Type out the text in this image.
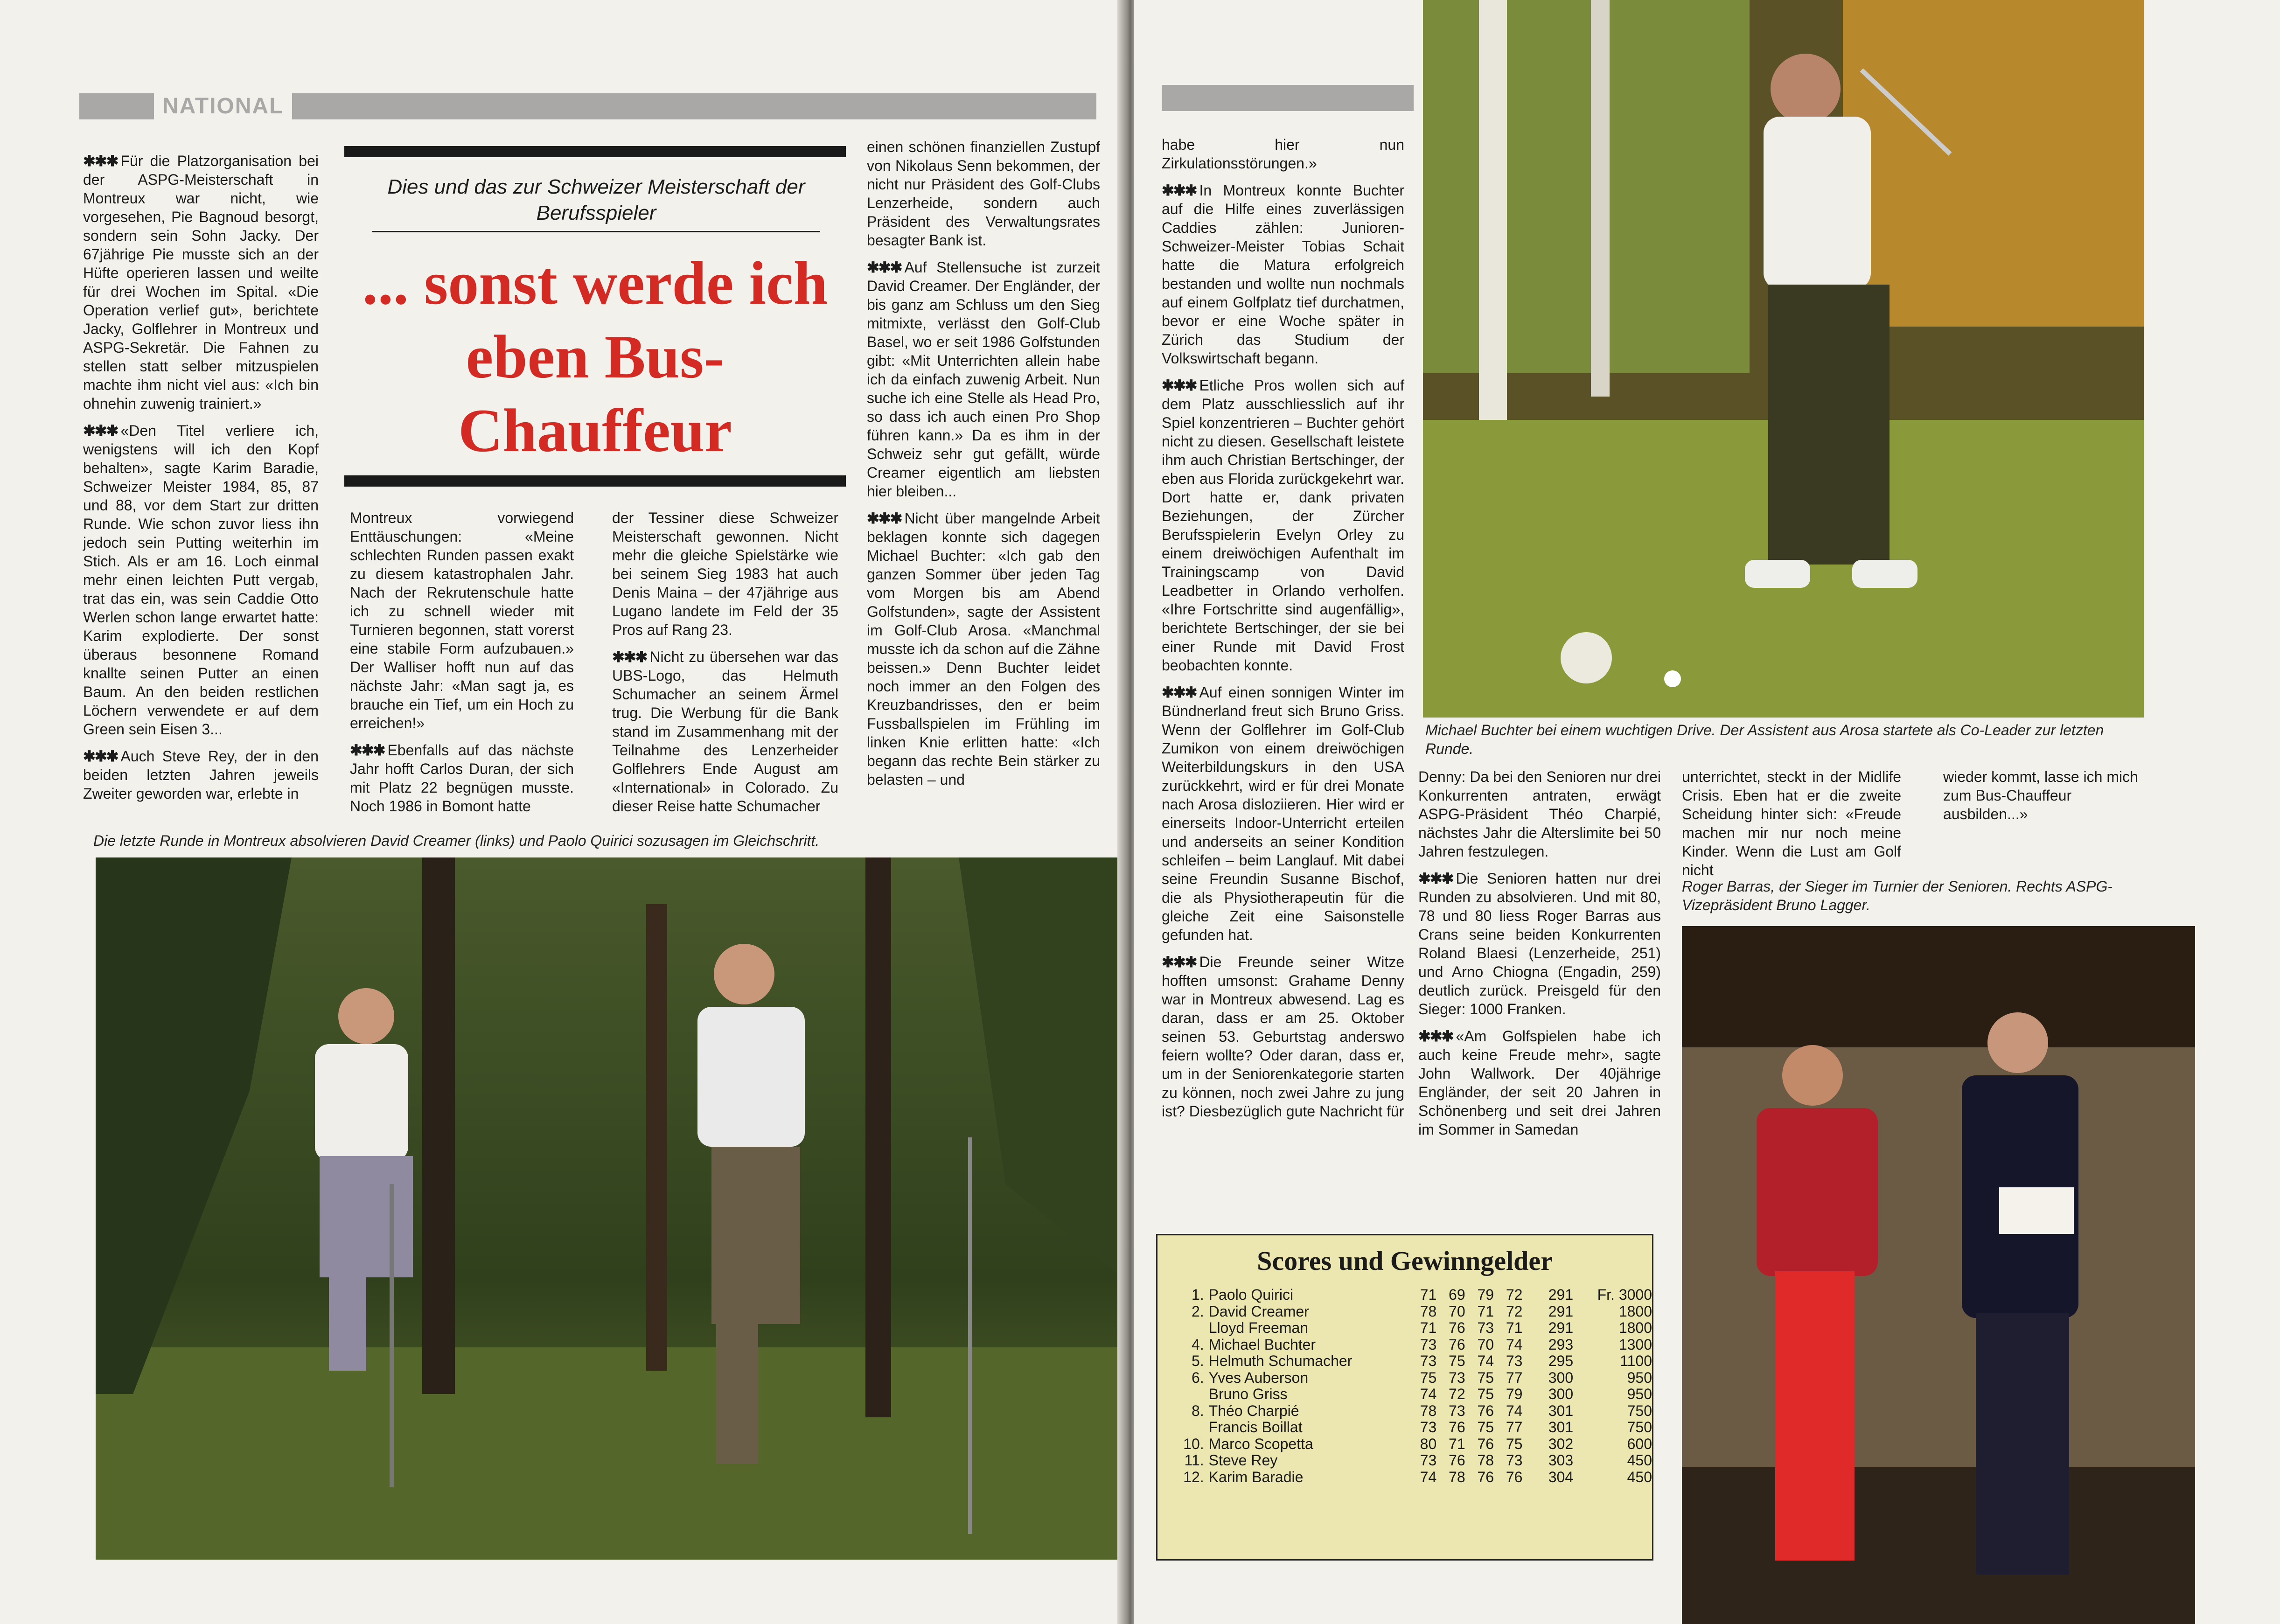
NATIONAL

✱✱✱ Für die Platzorganisation bei der ASPG-Meisterschaft in Montreux war nicht, wie vorgesehen, Pie Bagnoud besorgt, sondern sein Sohn Jacky. Der 67jährige Pie musste sich an der Hüfte operieren lassen und weilte für drei Wochen im Spital. «Die Operation verlief gut», berichtete Jacky, Golflehrer in Montreux und ASPG-Sekretär. Die Fahnen zu stellen statt selber mitzuspielen machte ihm nicht viel aus: «Ich bin ohnehin zuwenig trainiert.»

✱✱✱ «Den Titel verliere ich, wenigstens will ich den Kopf behalten», sagte Karim Baradie, Schweizer Meister 1984, 85, 87 und 88, vor dem Start zur dritten Runde. Wie schon zuvor liess ihn jedoch sein Putting weiterhin im Stich. Als er am 16. Loch einmal mehr einen leichten Putt vergab, trat das ein, was sein Caddie Otto Werlen schon lange erwartet hatte: Karim explodierte. Der sonst überaus besonnene Romand knallte seinen Putter an einen Baum. An den beiden restlichen Löchern verwendete er auf dem Green sein Eisen 3...

✱✱✱ Auch Steve Rey, der in den beiden letzten Jahren jeweils Zweiter geworden war, erlebte in

Dies und das zur Schweizer Meisterschaft der Berufsspieler
... sonst werde ich eben Bus-Chauffeur

Montreux vorwiegend Enttäuschungen: «Meine schlechten Runden passen exakt zu diesem katastrophalen Jahr. Nach der Rekrutenschule hatte ich zu schnell wieder mit Turnieren begonnen, statt vorerst eine stabile Form aufzubauen.» Der Walliser hofft nun auf das nächste Jahr: «Man sagt ja, es brauche ein Tief, um ein Hoch zu erreichen!»

✱✱✱ Ebenfalls auf das nächste Jahr hofft Carlos Duran, der sich mit Platz 22 begnügen musste. Noch 1986 in Bomont hatte

der Tessiner diese Schweizer Meisterschaft gewonnen. Nicht mehr die gleiche Spielstärke wie bei seinem Sieg 1983 hat auch Denis Maina – der 47jährige aus Lugano landete im Feld der 35 Pros auf Rang 23.

✱✱✱ Nicht zu übersehen war das UBS-Logo, das Helmuth Schumacher an seinem Ärmel trug. Die Werbung für die Bank stand im Zusammenhang mit der Teilnahme des Lenzerheider Golflehrers Ende August am «International» in Colorado. Zu dieser Reise hatte Schumacher

einen schönen finanziellen Zustupf von Nikolaus Senn bekommen, der nicht nur Präsident des Golf-Clubs Lenzerheide, sondern auch Präsident des Verwaltungsrates besagter Bank ist.

✱✱✱ Auf Stellensuche ist zurzeit David Creamer. Der Engländer, der bis ganz am Schluss um den Sieg mitmixte, verlässt den Golf-Club Basel, wo er seit 1986 Golfstunden gibt: «Mit Unterrichten allein habe ich da einfach zuwenig Arbeit. Nun suche ich eine Stelle als Head Pro, so dass ich auch einen Pro Shop führen kann.» Da es ihm in der Schweiz sehr gut gefällt, würde Creamer eigentlich am liebsten hier bleiben...

✱✱✱ Nicht über mangelnde Arbeit beklagen konnte sich dagegen Michael Buchter: «Ich gab den ganzen Sommer über jeden Tag vom Morgen bis am Abend Golfstunden», sagte der Assistent im Golf-Club Arosa. «Manchmal musste ich da schon auf die Zähne beissen.» Denn Buchter leidet noch immer an den Folgen des Kreuzbandrisses, den er beim Fussballspielen im Frühling im linken Knie erlitten hatte: «Ich begann das rechte Bein stärker zu belasten – und

Die letzte Runde in Montreux absolvieren David Creamer (links) und Paolo Quirici sozusagen im Gleichschritt.

habe hier nun Zirkulationsstörungen.»

✱✱✱ In Montreux konnte Buchter auf die Hilfe eines zuverlässigen Caddies zählen: Junioren-Schweizer-Meister Tobias Schait hatte die Matura erfolgreich bestanden und wollte nun nochmals auf einem Golfplatz tief durchatmen, bevor er eine Woche später in Zürich das Studium der Volkswirtschaft begann.

✱✱✱ Etliche Pros wollen sich auf dem Platz ausschliesslich auf ihr Spiel konzentrieren – Buchter gehört nicht zu diesen. Gesellschaft leistete ihm auch Christian Bertschinger, der eben aus Florida zurückgekehrt war. Dort hatte er, dank privaten Beziehungen, der Zürcher Berufsspielerin Evelyn Orley zu einem dreiwöchigen Aufenthalt im Trainingscamp von David Leadbetter in Orlando verholfen. «Ihre Fortschritte sind augenfällig», berichtete Bertschinger, der sie bei einer Runde mit David Frost beobachten konnte.

✱✱✱ Auf einen sonnigen Winter im Bündnerland freut sich Bruno Griss. Wenn der Golflehrer im Golf-Club Zumikon von einem dreiwöchigen Weiterbildungskurs in den USA zurückkehrt, wird er für drei Monate nach Arosa disloziieren. Hier wird er einerseits Indoor-Unterricht erteilen und anderseits an seiner Kondition schleifen – beim Langlauf. Mit dabei seine Freundin Susanne Bischof, die als Physiotherapeutin für die gleiche Zeit eine Saisonstelle gefunden hat.

✱✱✱ Die Freunde seiner Witze hofften umsonst: Grahame Denny war in Montreux abwesend. Lag es daran, dass er am 25. Oktober seinen 53. Geburtstag anderswo feiern wollte? Oder daran, dass er, um in der Seniorenkategorie starten zu können, noch zwei Jahre zu jung ist? Diesbezüglich gute Nachricht für

Michael Buchter bei einem wuchtigen Drive. Der Assistent aus Arosa startete als Co-Leader zur letzten Runde.

Denny: Da bei den Senioren nur drei Konkurrenten antraten, erwägt ASPG-Präsident Théo Charpié, nächstes Jahr die Alterslimite bei 50 Jahren festzulegen.

✱✱✱ Die Senioren hatten nur drei Runden zu absolvieren. Und mit 80, 78 und 80 liess Roger Barras aus Crans seine beiden Konkurrenten Roland Blaesi (Lenzerheide, 251) und Arno Chiogna (Engadin, 259) deutlich zurück. Preisgeld für den Sieger: 1000 Franken.

✱✱✱ «Am Golfspielen habe ich auch keine Freude mehr», sagte John Wallwork. Der 40jährige Engländer, der seit 20 Jahren in Schönenberg und seit drei Jahren im Sommer in Samedan

unterrichtet, steckt in der Midlife Crisis. Eben hat er die zweite Scheidung hinter sich: «Freude machen mir nur noch meine Kinder. Wenn die Lust am Golf nicht

wieder kommt, lasse ich mich zum Bus-Chauffeur ausbilden...»

Roger Barras, der Sieger im Turnier der Senioren. Rechts ASPG-Vizepräsident Bruno Lagger.
Scores und Gewinngelder
1.	Paolo Quirici	71	69	79	72	291	Fr. 3000
2.	David Creamer	78	70	71	72	291	1800
	Lloyd Freeman	71	76	73	71	291	1800
4.	Michael Buchter	73	76	70	74	293	1300
5.	Helmuth Schumacher	73	75	74	73	295	1100
6.	Yves Auberson	75	73	75	77	300	950
	Bruno Griss	74	72	75	79	300	950
8.	Théo Charpié	78	73	76	74	301	750
	Francis Boillat	73	76	75	77	301	750
10.	Marco Scopetta	80	71	76	75	302	600
11.	Steve Rey	73	76	78	73	303	450
12.	Karim Baradie	74	78	76	76	304	450
